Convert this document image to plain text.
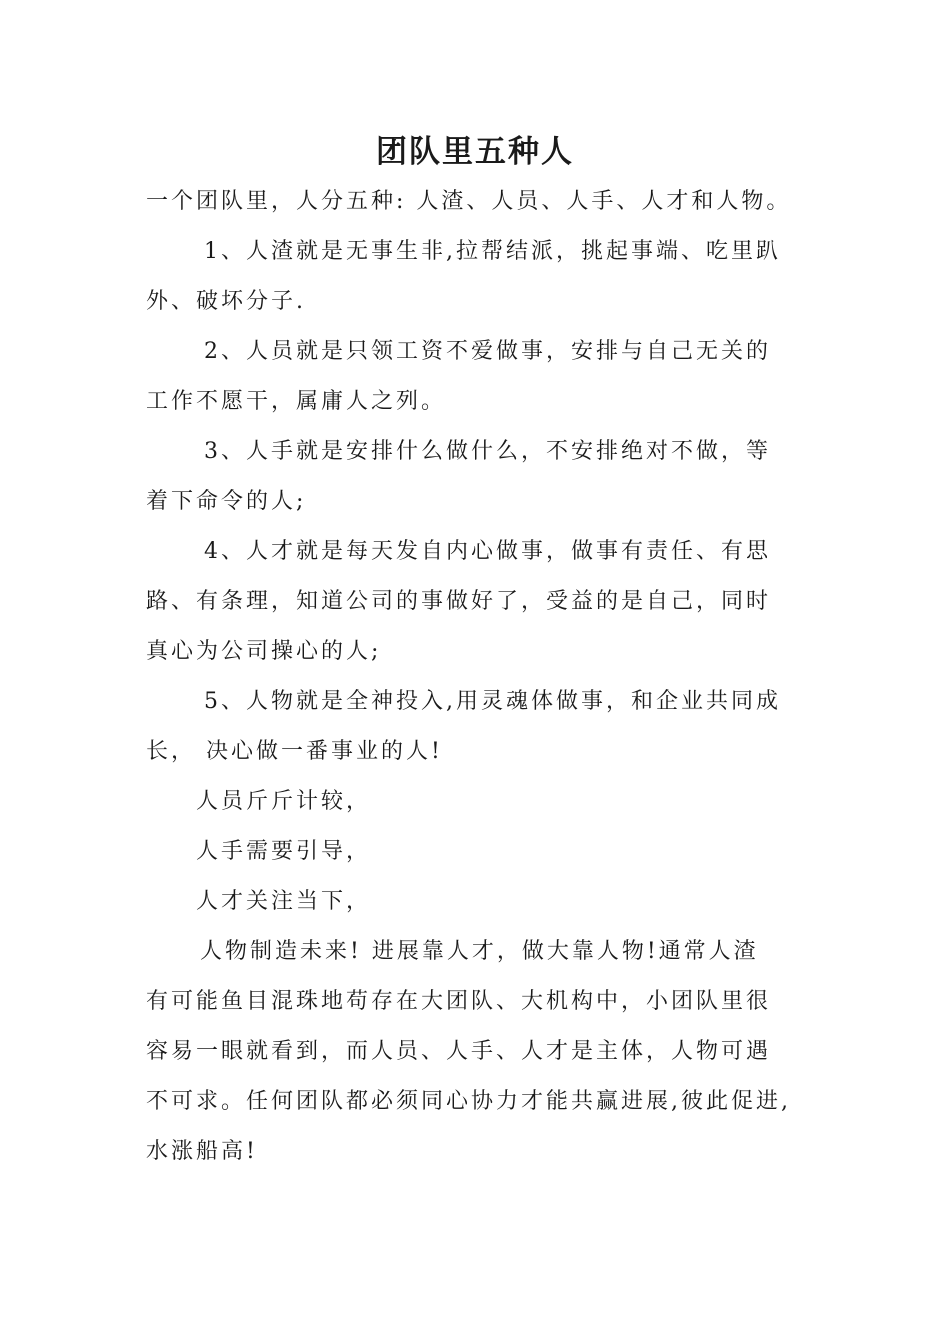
团队里五种人
一个团队里，人分五种: 人渣、人员、人手、人才和人物。
1、人渣就是无事生非,拉帮结派，挑起事端、吃里趴
外、破坏分子.
2、人员就是只领工资不爱做事，安排与自己无关的
工作不愿干，属庸人之列。
3、人手就是安排什么做什么，不安排绝对不做，等
着下命令的人;
4、人才就是每天发自内心做事，做事有责任、有思
路、有条理，知道公司的事做好了，受益的是自己，同时
真心为公司操心的人;
5、人物就是全神投入,用灵魂体做事，和企业共同成
长， 决心做一番事业的人!
人员斤斤计较，
人手需要引导，
人才关注当下，
人物制造未来! 进展靠人才，做大靠人物!通常人渣
有可能鱼目混珠地苟存在大团队、大机构中，小团队里很
容易一眼就看到，而人员、人手、人才是主体，人物可遇
不可求。任何团队都必须同心协力才能共赢进展,彼此促进,
水涨船高!
